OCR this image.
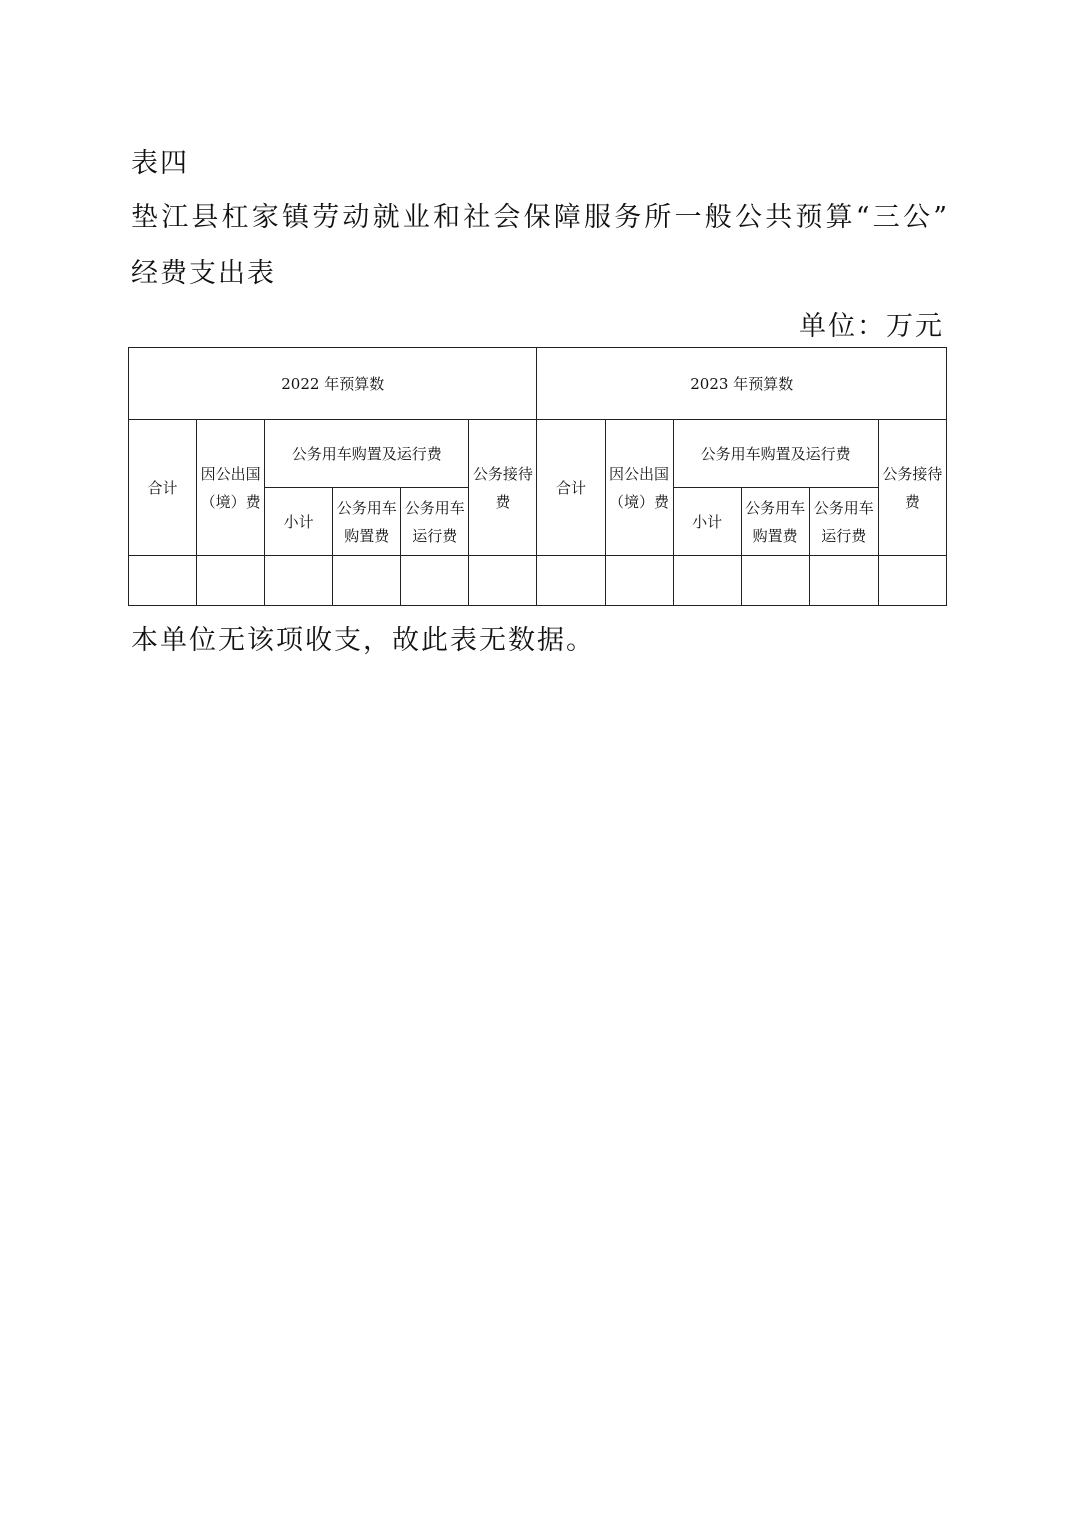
表四
垫江县杠家镇劳动就业和社会保障服务所一般公共预算“三公”
经费支出表
单位：万元
2022 年预算数						2023 年预算数					
合计	因公出国（境）费	公务用车购置及运行费			公务接待费	合计	因公出国（境）费	公务用车购置及运行费			公务接待费
		小计	公务用车购置费	公务用车运行费				小计	公务用车购置费	公务用车运行费	

本单位无该项收支，故此表无数据。
